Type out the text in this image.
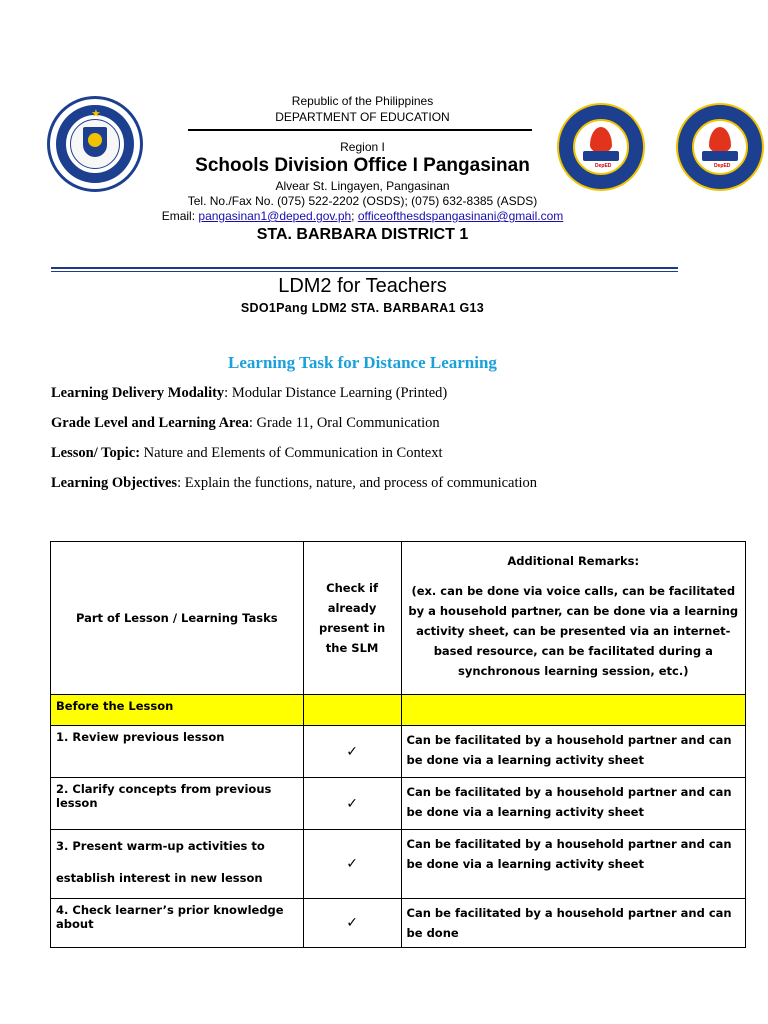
★
DepED	DepED
Republic of the Philippines
DEPARTMENT OF EDUCATION
Region I
Schools Division Office I Pangasinan
Alvear St. Lingayen, Pangasinan
Tel. No./Fax No. (075) 522-2202 (OSDS); (075) 632-8385 (ASDS)
Email: pangasinan1@deped.gov.ph; officeofthesdspangasinani@gmail.com
STA. BARBARA DISTRICT 1
LDM2 for Teachers
SDO1Pang LDM2 STA. BARBARA1 G13
Learning Task for Distance Learning
Learning Delivery Modality: Modular Distance Learning (Printed)
Grade Level and Learning Area: Grade 11, Oral Communication
Lesson/ Topic: Nature and Elements of Communication in Context
Learning Objectives: Explain the functions, nature, and process of communication
Part of Lesson / Learning Tasks	Check if already present in the SLM	Additional Remarks:
(ex. can be done via voice calls, can be facilitated by a household partner, can be done via a learning activity sheet, can be presented via an internet- based resource, can be facilitated during a synchronous learning session, etc.)

Before the Lesson		
1. Review previous lesson	✓	Can be facilitated by a household partner and can be done via a learning activity sheet
2. Clarify concepts from previous lesson	✓	Can be facilitated by a household partner and can be done via a learning activity sheet
3. Present warm-up activities to establish interest in new lesson	✓	Can be facilitated by a household partner and can be done via a learning activity sheet
4. Check learner’s prior knowledge about	✓	Can be facilitated by a household partner and can be done
